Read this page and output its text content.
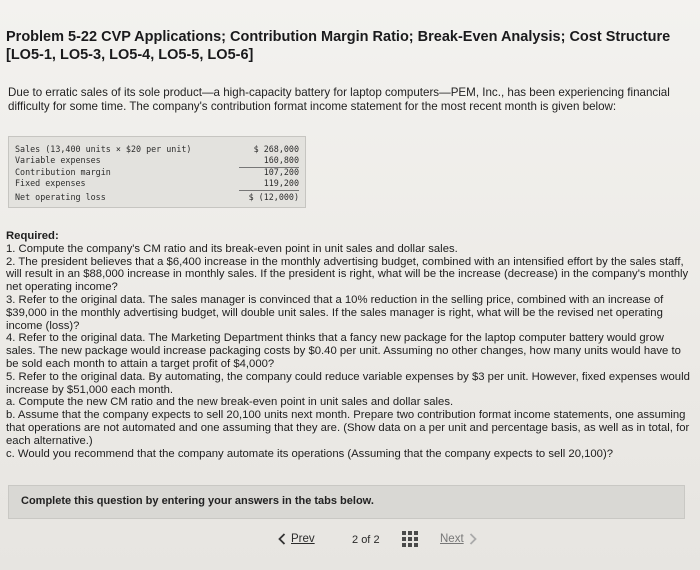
Problem 5-22 CVP Applications; Contribution Margin Ratio; Break-Even Analysis; Cost Structure [LO5-1, LO5-3, LO5-4, LO5-5, LO5-6]
Due to erratic sales of its sole product—a high-capacity battery for laptop computers—PEM, Inc., has been experiencing financial difficulty for some time. The company's contribution format income statement for the most recent month is given below:
Sales (13,400 units × $20 per unit)	$ 268,000
Variable expenses	160,800
Contribution margin	107,200
Fixed expenses	119,200
Net operating loss	$ (12,000)

Required:

1. Compute the company's CM ratio and its break-even point in unit sales and dollar sales.

2. The president believes that a $6,400 increase in the monthly advertising budget, combined with an intensified effort by the sales staff, will result in an $88,000 increase in monthly sales. If the president is right, what will be the increase (decrease) in the company's monthly net operating income?

3. Refer to the original data. The sales manager is convinced that a 10% reduction in the selling price, combined with an increase of $39,000 in the monthly advertising budget, will double unit sales. If the sales manager is right, what will be the revised net operating income (loss)?

4. Refer to the original data. The Marketing Department thinks that a fancy new package for the laptop computer battery would grow sales. The new package would increase packaging costs by $0.40 per unit. Assuming no other changes, how many units would have to be sold each month to attain a target profit of $4,000?

5. Refer to the original data. By automating, the company could reduce variable expenses by $3 per unit. However, fixed expenses would increase by $51,000 each month.

a. Compute the new CM ratio and the new break-even point in unit sales and dollar sales.

b. Assume that the company expects to sell 20,100 units next month. Prepare two contribution format income statements, one assuming that operations are not automated and one assuming that they are. (Show data on a per unit and percentage basis, as well as in total, for each alternative.)

c. Would you recommend that the company automate its operations (Assuming that the company expects to sell 20,100)?

Complete this question by entering your answers in the tabs below.
Prev	2 of 2	Next
